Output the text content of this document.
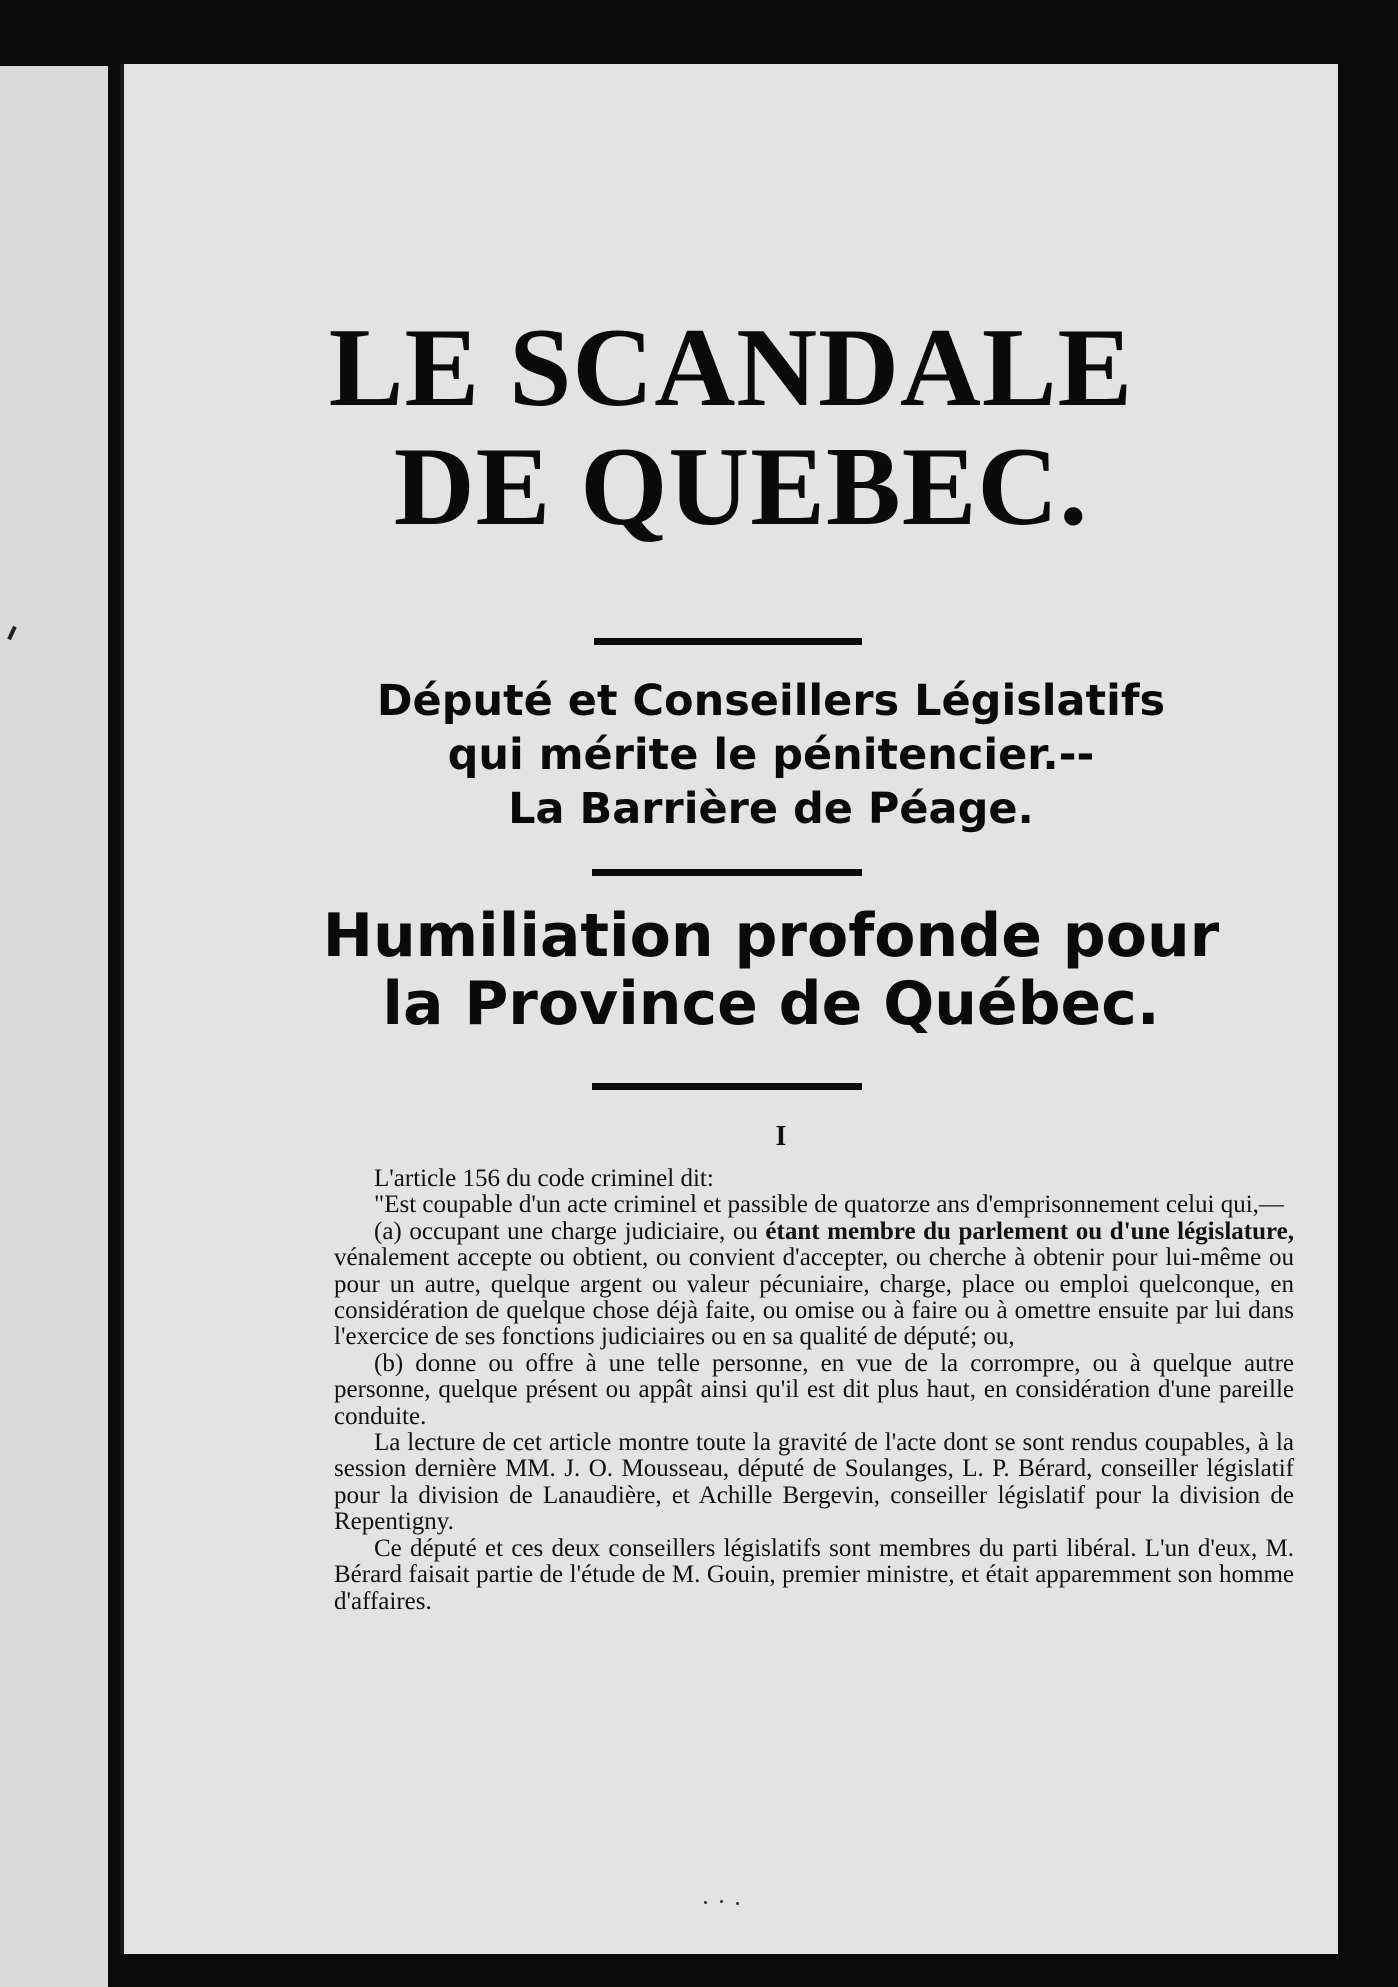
LE SCANDALE
DE QUEBEC.
Député et Conseillers Législatifs
qui mérite le pénitencier.--
La Barrière de Péage.
Humiliation profonde pour
la Province de Québec.
I

L'article 156 du code criminel dit:

"Est coupable d'un acte criminel et passible de quatorze ans d'emprisonnement celui qui,—

(a) occupant une charge judiciaire, ou étant membre du parlement ou d'une législature, vénalement accepte ou obtient, ou convient d'accepter, ou cherche à obtenir pour lui-même ou pour un autre, quelque argent ou valeur pécuniaire, charge, place ou emploi quelconque, en considération de quelque chose déjà faite, ou omise ou à faire ou à omettre ensuite par lui dans l'exercice de ses fonctions judiciaires ou en sa qualité de député; ou,

(b) donne ou offre à une telle personne, en vue de la corrompre, ou à quelque autre personne, quelque présent ou appât ainsi qu'il est dit plus haut, en considération d'une pareille conduite.

La lecture de cet article montre toute la gravité de l'acte dont se sont rendus coupables, à la session dernière MM. J. O. Mousseau, député de Soulanges, L. P. Bérard, conseiller législatif pour la division de Lanaudière, et Achille Bergevin, conseiller législatif pour la division de Repentigny.

Ce député et ces deux conseillers législatifs sont membres du parti libéral. L'un d'eux, M. Bérard faisait partie de l'étude de M. Gouin, premier ministre, et était apparemment son homme d'affaires.
